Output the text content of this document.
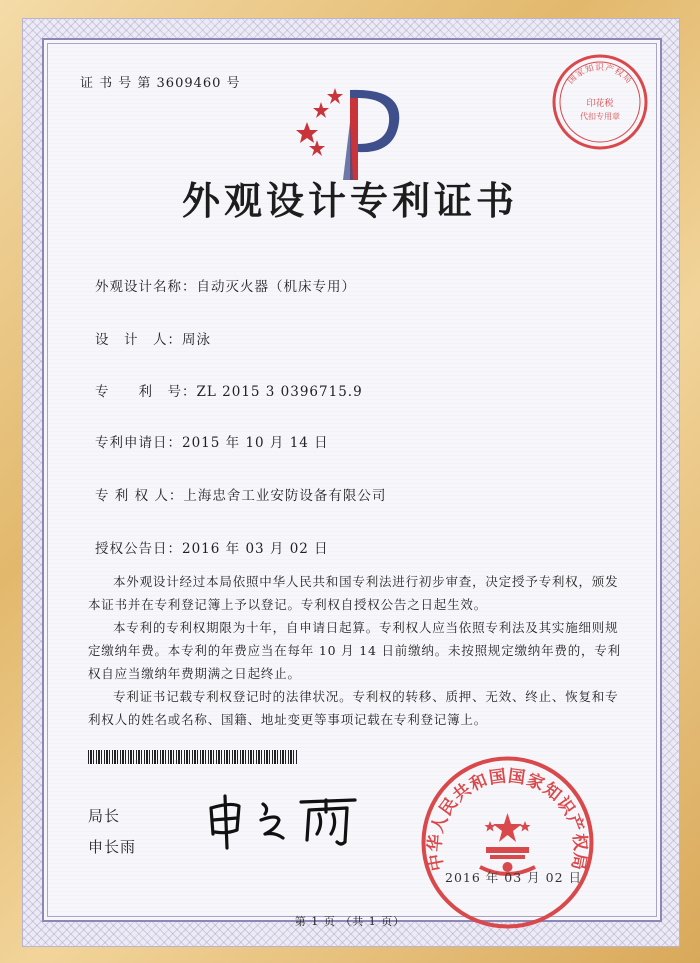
证 书 号 第 3609460 号
外观设计专利证书
外观设计名称：自动灭火器（机床专用）
设　计　人：周泳
专　　利　号：ZL 2015 3 0396715.9
专利申请日：2015 年 10 月 14 日
专 利 权 人：上海忠舍工业安防设备有限公司
授权公告日：2016 年 03 月 02 日

本外观设计经过本局依照中华人民共和国专利法进行初步审查，决定授予专利权，颁发本证书并在专利登记簿上予以登记。专利权自授权公告之日起生效。

本专利的专利权期限为十年，自申请日起算。专利权人应当依照专利法及其实施细则规定缴纳年费。本专利的年费应当在每年 10 月 14 日前缴纳。未按照规定缴纳年费的，专利权自应当缴纳年费期满之日起终止。

专利证书记载专利权登记时的法律状况。专利权的转移、质押、无效、终止、恢复和专利权人的姓名或名称、国籍、地址变更等事项记载在专利登记簿上。

局长
申长雨
国家知识产权局
印花税
代扣专用章
中华人民共和国国家知识产权局
2016 年 03 月 02 日
第 1 页 （共 1 页）
